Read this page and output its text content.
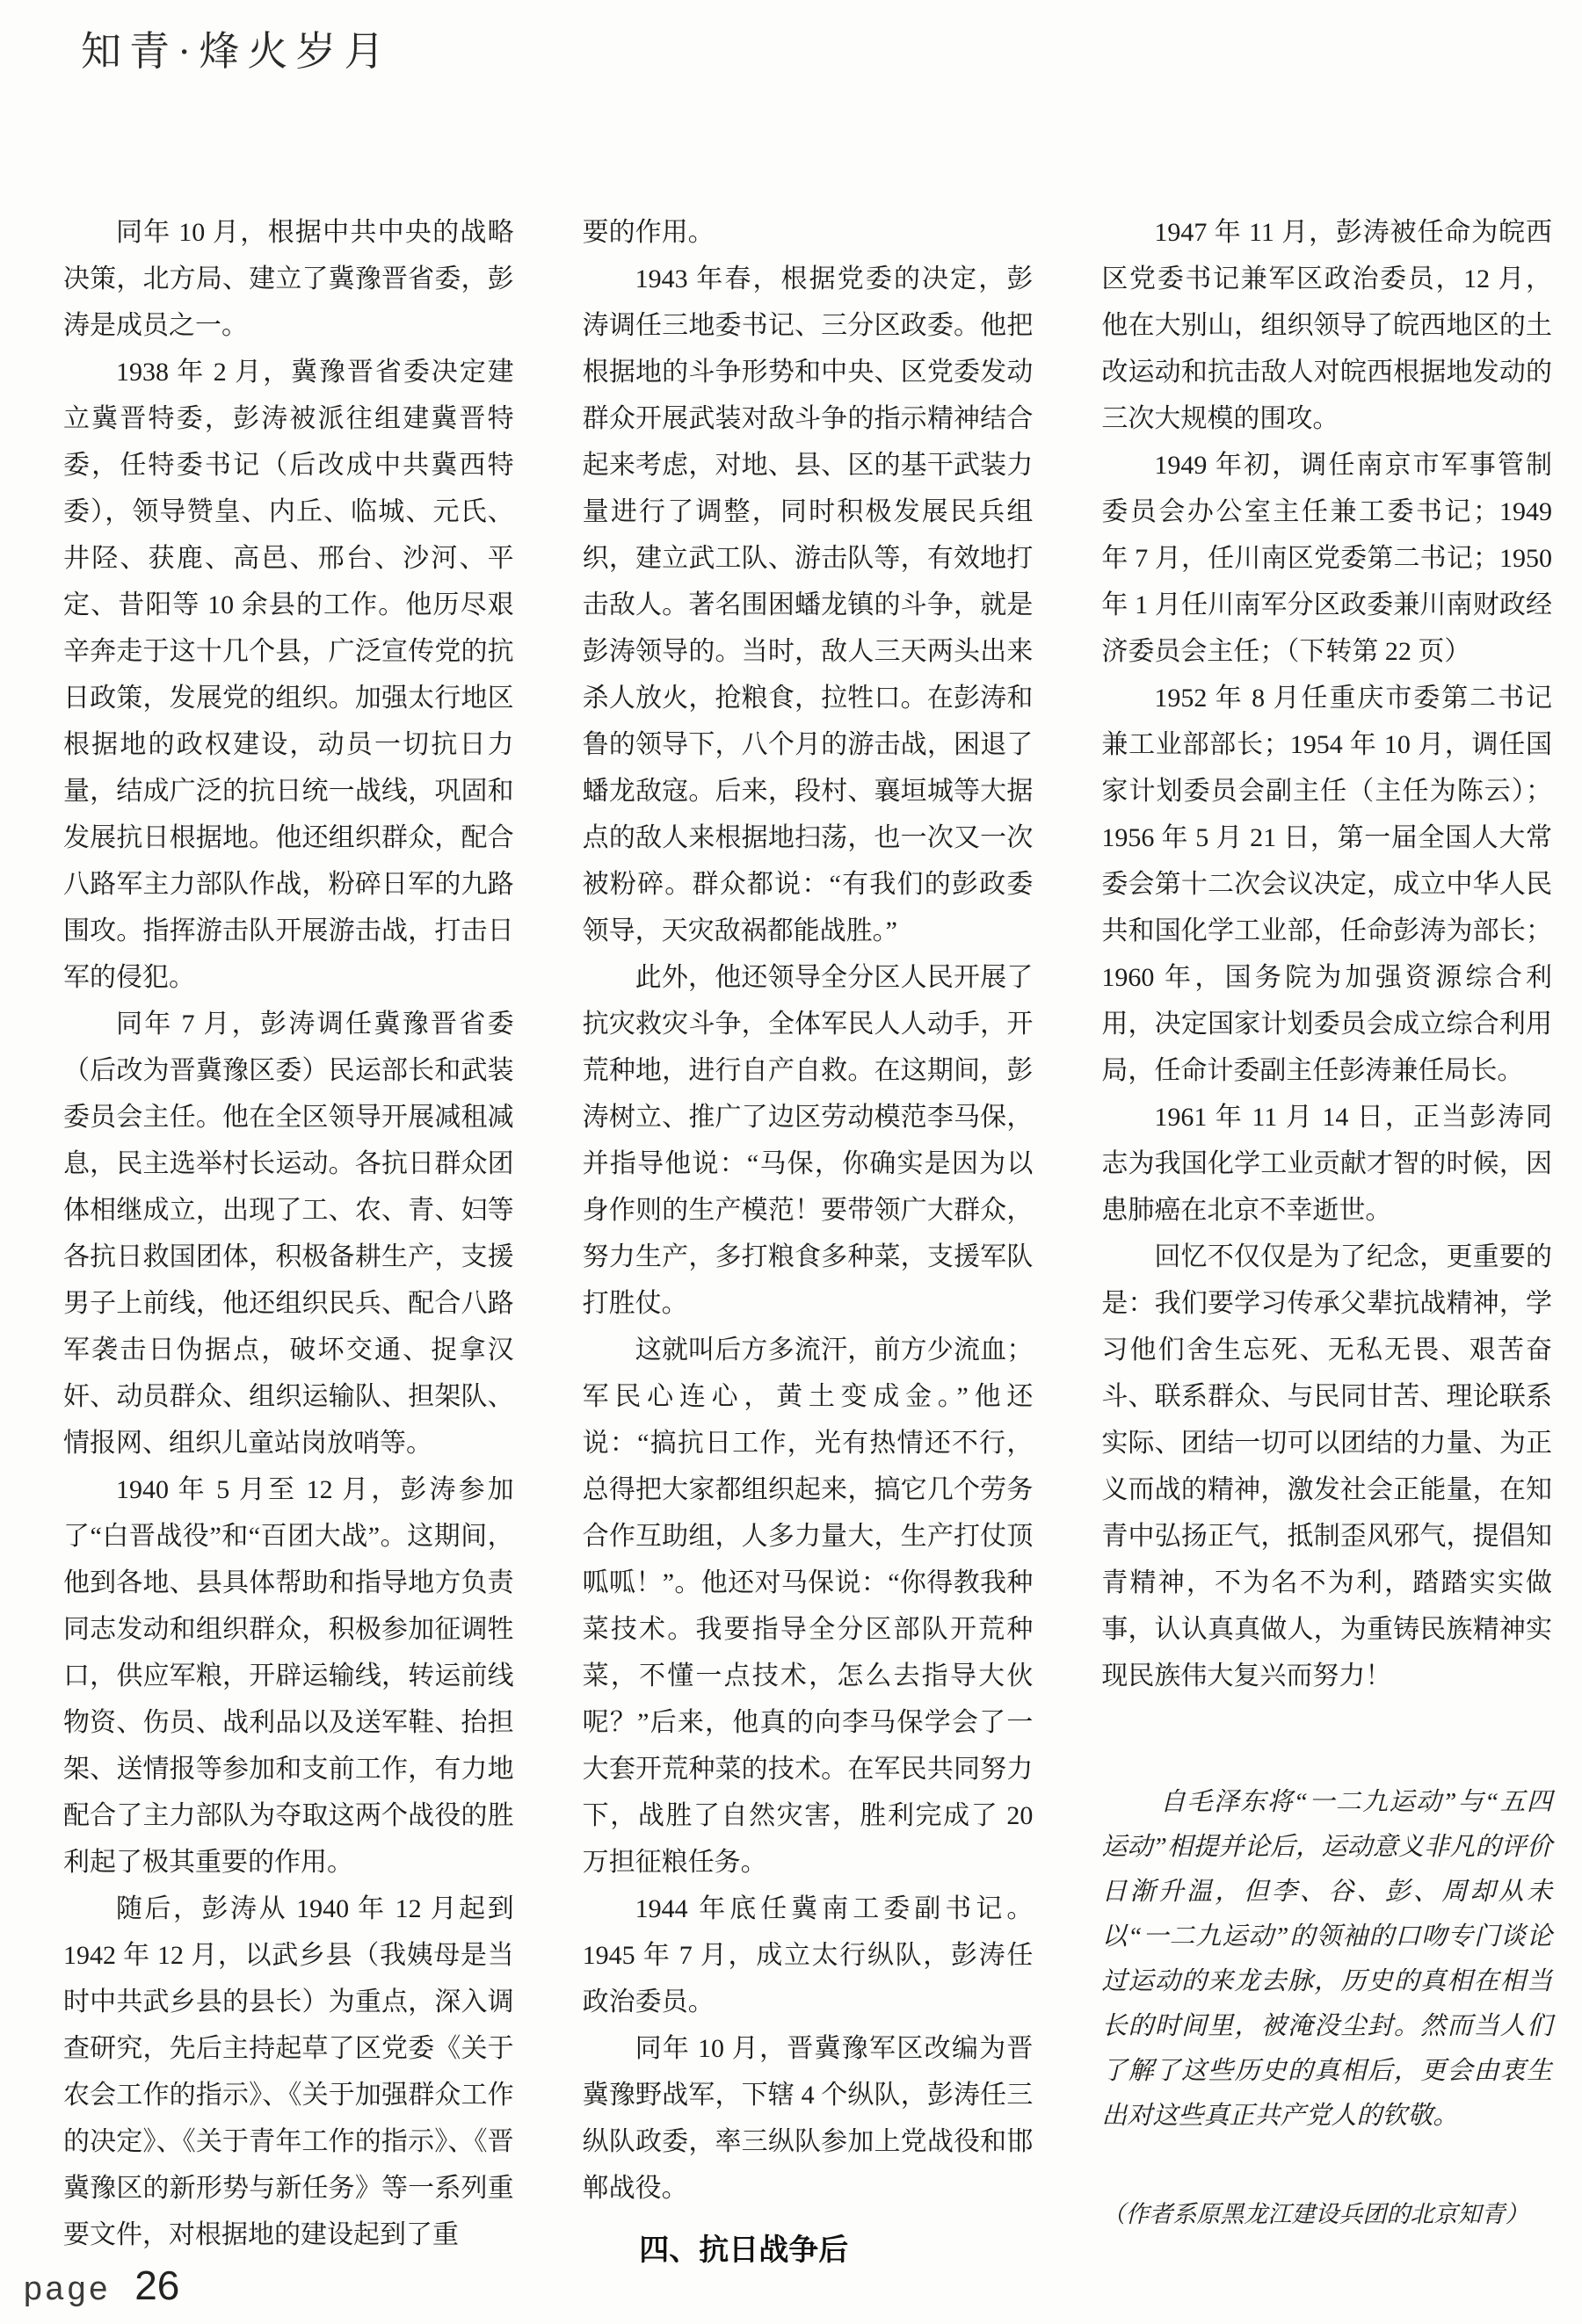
知青·烽火岁月

同年 10 月，根据中共中央的战略决策，北方局、建立了冀豫晋省委，彭涛是成员之一。

1938 年 2 月，冀豫晋省委决定建立冀晋特委，彭涛被派往组建冀晋特委，任特委书记（后改成中共冀西特委），领导赞皇、内丘、临城、元氏、井陉、获鹿、高邑、邢台、沙河、平定、昔阳等 10 余县的工作。他历尽艰辛奔走于这十几个县，广泛宣传党的抗日政策，发展党的组织。加强太行地区根据地的政权建设，动员一切抗日力量，结成广泛的抗日统一战线，巩固和发展抗日根据地。他还组织群众，配合八路军主力部队作战，粉碎日军的九路围攻。指挥游击队开展游击战，打击日军的侵犯。

同年 7 月，彭涛调任冀豫晋省委（后改为晋冀豫区委）民运部长和武装委员会主任。他在全区领导开展减租减息，民主选举村长运动。各抗日群众团体相继成立，出现了工、农、青、妇等各抗日救国团体，积极备耕生产，支援男子上前线，他还组织民兵、配合八路军袭击日伪据点，破坏交通、捉拿汉奸、动员群众、组织运输队、担架队、情报网、组织儿童站岗放哨等。

1940 年 5 月至 12 月，彭涛参加了“白晋战役”和“百团大战”。这期间，他到各地、县具体帮助和指导地方负责同志发动和组织群众，积极参加征调牲口，供应军粮，开辟运输线，转运前线物资、伤员、战利品以及送军鞋、抬担架、送情报等参加和支前工作，有力地配合了主力部队为夺取这两个战役的胜利起了极其重要的作用。

随后，彭涛从 1940 年 12 月起到 1942 年 12 月，以武乡县（我姨母是当时中共武乡县的县长）为重点，深入调查研究，先后主持起草了区党委《关于农会工作的指示》、《关于加强群众工作的决定》、《关于青年工作的指示》、《晋冀豫区的新形势与新任务》等一系列重要文件，对根据地的建设起到了重

要的作用。

1943 年春，根据党委的决定，彭涛调任三地委书记、三分区政委。他把根据地的斗争形势和中央、区党委发动群众开展武装对敌斗争的指示精神结合起来考虑，对地、县、区的基干武装力量进行了调整，同时积极发展民兵组织，建立武工队、游击队等，有效地打击敌人。著名围困蟠龙镇的斗争，就是彭涛领导的。当时，敌人三天两头出来杀人放火，抢粮食，拉牲口。在彭涛和鲁的领导下，八个月的游击战，困退了蟠龙敌寇。后来，段村、襄垣城等大据点的敌人来根据地扫荡，也一次又一次被粉碎。群众都说：“有我们的彭政委领导，天灾敌祸都能战胜。”

此外，他还领导全分区人民开展了抗灾救灾斗争，全体军民人人动手，开荒种地，进行自产自救。在这期间，彭涛树立、推广了边区劳动模范李马保，并指导他说：“马保，你确实是因为以身作则的生产模范！要带领广大群众，努力生产，多打粮食多种菜，支援军队打胜仗。

这就叫后方多流汗，前方少流血；军民心连心，黄土变成金。”他还说：“搞抗日工作，光有热情还不行，总得把大家都组织起来，搞它几个劳务合作互助组，人多力量大，生产打仗顶呱呱！”。他还对马保说：“你得教我种菜技术。我要指导全分区部队开荒种菜，不懂一点技术，怎么去指导大伙呢？”后来，他真的向李马保学会了一大套开荒种菜的技术。在军民共同努力下，战胜了自然灾害，胜利完成了 20 万担征粮任务。

1944 年底任冀南工委副书记。1945 年 7 月，成立太行纵队，彭涛任政治委员。

同年 10 月，晋冀豫军区改编为晋冀豫野战军，下辖 4 个纵队，彭涛任三纵队政委，率三纵队参加上党战役和邯郸战役。

四、抗日战争后

1947 年 11 月，彭涛被任命为皖西区党委书记兼军区政治委员，12 月，他在大别山，组织领导了皖西地区的土改运动和抗击敌人对皖西根据地发动的三次大规模的围攻。

1949 年初，调任南京市军事管制委员会办公室主任兼工委书记；1949 年 7 月，任川南区党委第二书记；1950 年 1 月任川南军分区政委兼川南财政经济委员会主任；（下转第 22 页）

1952 年 8 月任重庆市委第二书记兼工业部部长；1954 年 10 月，调任国家计划委员会副主任（主任为陈云）；1956 年 5 月 21 日，第一届全国人大常委会第十二次会议决定，成立中华人民共和国化学工业部，任命彭涛为部长；1960 年，国务院为加强资源综合利用，决定国家计划委员会成立综合利用局，任命计委副主任彭涛兼任局长。

1961 年 11 月 14 日，正当彭涛同志为我国化学工业贡献才智的时候，因患肺癌在北京不幸逝世。

回忆不仅仅是为了纪念，更重要的是：我们要学习传承父辈抗战精神，学习他们舍生忘死、无私无畏、艰苦奋斗、联系群众、与民同甘苦、理论联系实际、团结一切可以团结的力量、为正义而战的精神，激发社会正能量，在知青中弘扬正气，抵制歪风邪气，提倡知青精神，不为名不为利，踏踏实实做事，认认真真做人，为重铸民族精神实现民族伟大复兴而努力！

自毛泽东将“一二九运动”与“五四运动”相提并论后，运动意义非凡的评价日渐升温，但李、谷、彭、周却从未以“一二九运动”的领袖的口吻专门谈论过运动的来龙去脉，历史的真相在相当长的时间里，被淹没尘封。然而当人们了解了这些历史的真相后，更会由衷生出对这些真正共产党人的钦敬。

（作者系原黑龙江建设兵团的北京知青）

page 26
